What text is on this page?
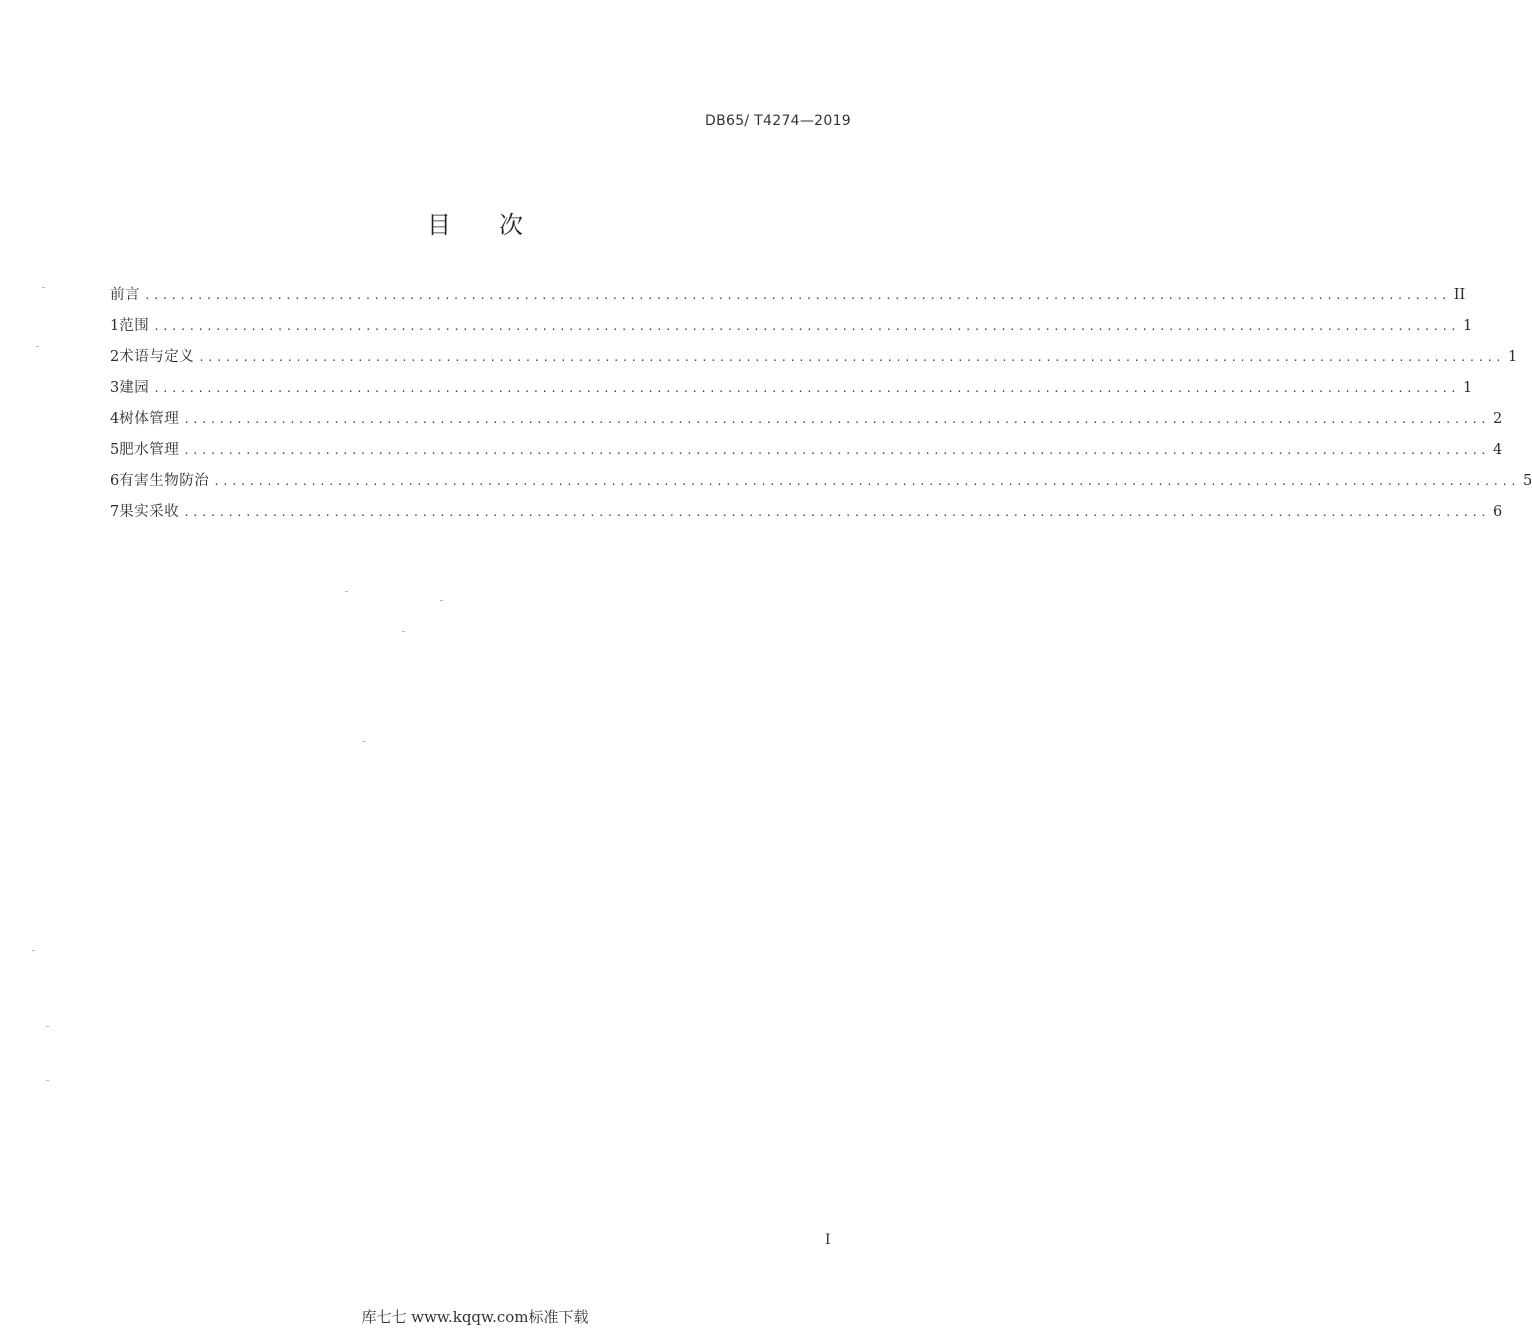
DB65/ T4274—2019
目 次
前言 .................................................................................................................................................... II
1 范围 .................................................................................................................................................... 1
2 术语与定义 .................................................................................................................................................... 1
3 建园 .................................................................................................................................................... 1
4 树体管理 .................................................................................................................................................... 2
5 肥水管理 .................................................................................................................................................... 4
6 有害生物防治 .................................................................................................................................................... 5
7 果实采收 .................................................................................................................................................... 6
I
库七七 www.kqqw.com标准下载
